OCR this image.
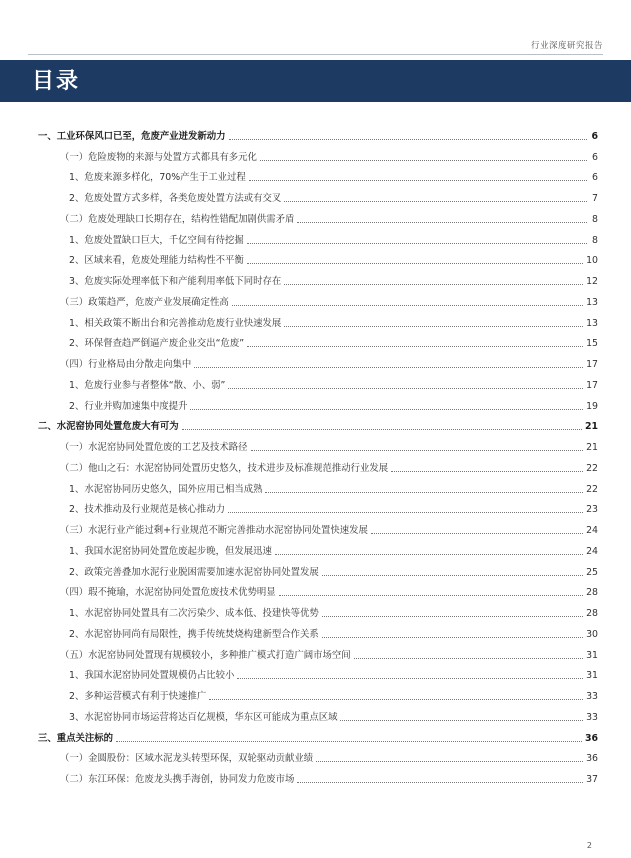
行业深度研究报告
目录
一、工业环保风口已至，危废产业迸发新动力	6
（一）危险废物的来源与处置方式都具有多元化	6
1、危废来源多样化，70%产生于工业过程	6
2、危废处置方式多样，各类危废处置方法或有交叉	7
（二）危废处理缺口长期存在，结构性错配加剧供需矛盾	8
1、危废处置缺口巨大，千亿空间有待挖掘	8
2、区域来看，危废处理能力结构性不平衡	10
3、危废实际处理率低下和产能利用率低下同时存在	12
（三）政策趋严，危废产业发展确定性高	13
1、相关政策不断出台和完善推动危废行业快速发展	13
2、环保督查趋严倒逼产废企业交出“危废”	15
（四）行业格局由分散走向集中	17
1、危废行业参与者整体“散、小、弱”	17
2、行业并购加速集中度提升	19
二、水泥窑协同处置危废大有可为	21
（一）水泥窑协同处置危废的工艺及技术路径	21
（二）他山之石：水泥窑协同处置历史悠久，技术进步及标准规范推动行业发展	22
1、水泥窑协同历史悠久，国外应用已相当成熟	22
2、技术推动及行业规范是核心推动力	23
（三）水泥行业产能过剩+行业规范不断完善推动水泥窑协同处置快速发展	24
1、我国水泥窑协同处置危废起步晚，但发展迅速	24
2、政策完善叠加水泥行业脱困需要加速水泥窑协同处置发展	25
（四）瑕不掩瑜，水泥窑协同处置危废技术优势明显	28
1、水泥窑协同处置具有二次污染少、成本低、投建快等优势	28
2、水泥窑协同尚有局限性，携手传统焚烧构建新型合作关系	30
（五）水泥窑协同处置现有规模较小，多种推广模式打造广阔市场空间	31
1、我国水泥窑协同处置规模仍占比较小	31
2、多种运营模式有利于快速推广	33
3、水泥窑协同市场运营将达百亿规模，华东区可能成为重点区域	33
三、重点关注标的	36
（一）金圆股份：区域水泥龙头转型环保，双轮驱动贡献业绩	36
（二）东江环保：危废龙头携手海创，协同发力危废市场	37
2
